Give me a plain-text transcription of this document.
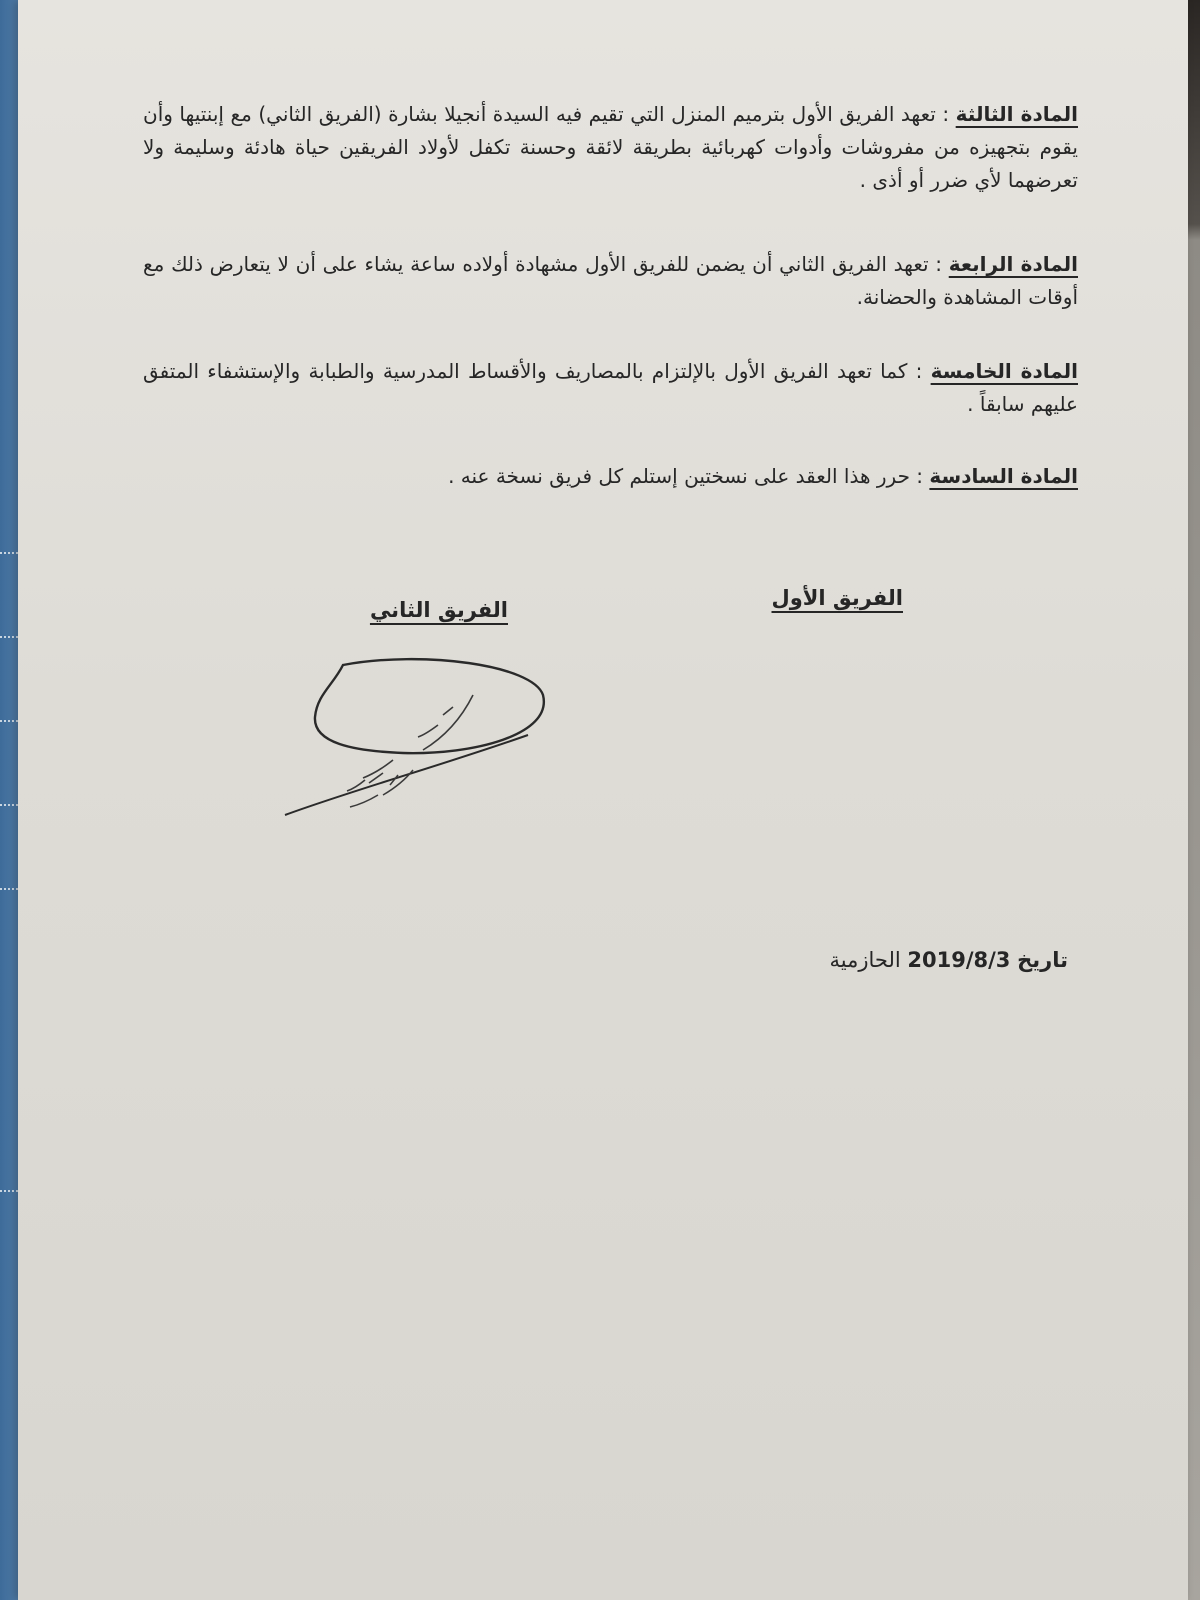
المادة الثالثة : تعهد الفريق الأول بترميم المنزل التي تقيم فيه السيدة أنجيلا بشارة (الفريق الثاني) مع إبنتيها وأن يقوم بتجهيزه من مفروشات وأدوات كهربائية بطريقة لائقة وحسنة تكفل لأولاد الفريقين حياة هادئة وسليمة ولا تعرضهما لأي ضرر أو أذى .

المادة الرابعة : تعهد الفريق الثاني أن يضمن للفريق الأول مشهادة أولاده ساعة يشاء على أن لا يتعارض ذلك مع أوقات المشاهدة والحضانة.

المادة الخامسة : كما تعهد الفريق الأول بالإلتزام بالمصاريف والأقساط المدرسية والطبابة والإستشفاء المتفق عليهم سابقاً .

المادة السادسة : حرر هذا العقد على نسختين إستلم كل فريق نسخة عنه .

الفريق الثاني	الفريق الأول
تاريخ 2019/8/3 الحازمية
